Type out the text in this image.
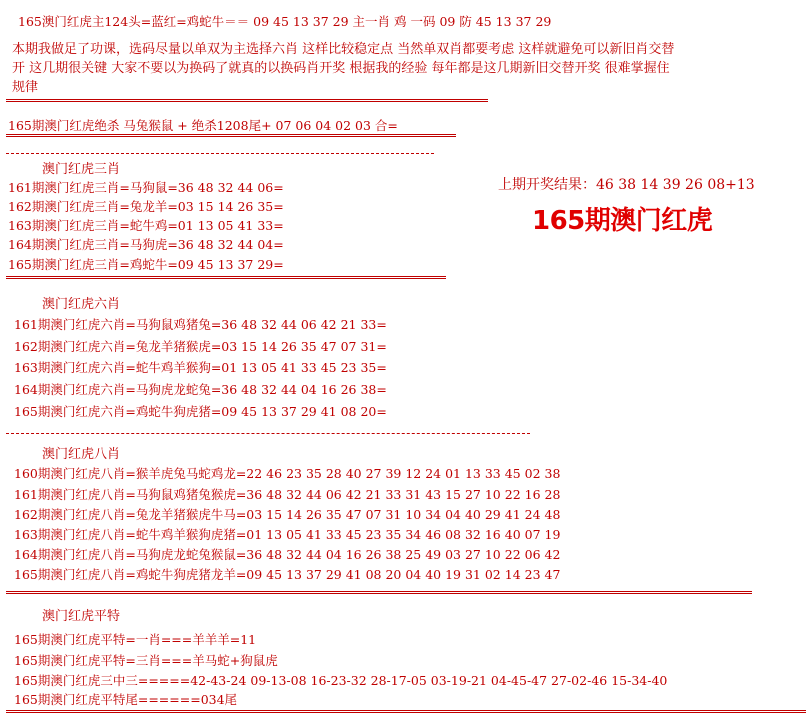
165澳门红虎主124头=蓝红=鸡蛇牛＝＝ 09 45 13 37 29 主一肖 鸡 一码 09 防 45 13 37 29
本期我做足了功课，选码尽量以单双为主选择六肖 这样比较稳定点 当然单双肖都要考虑 这样就避免可以新旧肖交替开 这几期很关键 大家不要以为换码了就真的以换码肖开奖 根据我的经验 每年都是这几期新旧交替开奖 很难掌握住规律
165期澳门红虎绝杀 马兔猴鼠 + 绝杀1208尾+ 07 06 04 02 03 合=
上期开奖结果：46 38 14 39 26 08+13
165期澳门红虎
澳门红虎三肖
161期澳门红虎三肖=马狗鼠=36 48 32 44 06=
162期澳门红虎三肖=兔龙羊=03 15 14 26 35=
163期澳门红虎三肖=蛇牛鸡=01 13 05 41 33=
164期澳门红虎三肖=马狗虎=36 48 32 44 04=
165期澳门红虎三肖=鸡蛇牛=09 45 13 37 29=
澳门红虎六肖
161期澳门红虎六肖=马狗鼠鸡猪兔=36 48 32 44 06 42 21 33=
162期澳门红虎六肖=兔龙羊猪猴虎=03 15 14 26 35 47 07 31=
163期澳门红虎六肖=蛇牛鸡羊猴狗=01 13 05 41 33 45 23 35=
164期澳门红虎六肖=马狗虎龙蛇兔=36 48 32 44 04 16 26 38=
165期澳门红虎六肖=鸡蛇牛狗虎猪=09 45 13 37 29 41 08 20=
澳门红虎八肖
160期澳门红虎八肖=猴羊虎兔马蛇鸡龙=22 46 23 35 28 40 27 39 12 24 01 13 33 45 02 38
161期澳门红虎八肖=马狗鼠鸡猪兔猴虎=36 48 32 44 06 42 21 33 31 43 15 27 10 22 16 28
162期澳门红虎八肖=兔龙羊猪猴虎牛马=03 15 14 26 35 47 07 31 10 34 04 40 29 41 24 48
163期澳门红虎八肖=蛇牛鸡羊猴狗虎猪=01 13 05 41 33 45 23 35 34 46 08 32 16 40 07 19
164期澳门红虎八肖=马狗虎龙蛇兔猴鼠=36 48 32 44 04 16 26 38 25 49 03 27 10 22 06 42
165期澳门红虎八肖=鸡蛇牛狗虎猪龙羊=09 45 13 37 29 41 08 20 04 40 19 31 02 14 23 47
澳门红虎平特
165期澳门红虎平特=一肖===羊羊羊=11
165期澳门红虎平特=三肖===羊马蛇+狗鼠虎
165期澳门红虎三中三=====42-43-24 09-13-08 16-23-32 28-17-05 03-19-21 04-45-47 27-02-46 15-34-40
165期澳门红虎平特尾======034尾
